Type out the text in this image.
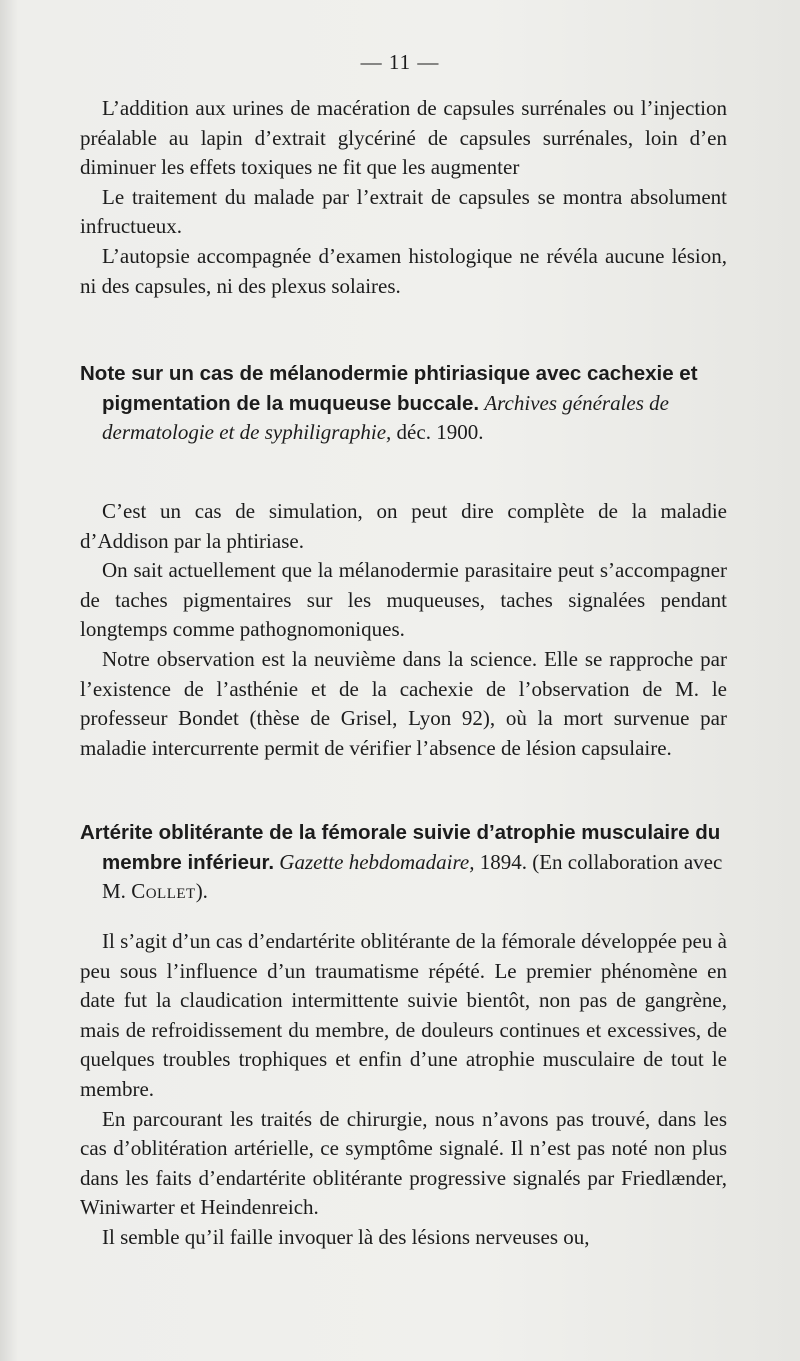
— 11 —

L’addition aux urines de macération de capsules surrénales ou l’injection préalable au lapin d’extrait glycériné de capsules surrénales, loin d’en diminuer les effets toxiques ne fit que les augmenter

Le traitement du malade par l’extrait de capsules se montra absolument infructueux.

L’autopsie accompagnée d’examen histologique ne révéla aucune lésion, ni des capsules, ni des plexus solaires.

Note sur un cas de mélanodermie phtiriasique avec cachexie et pigmentation de la muqueuse buccale. Archives générales de dermatologie et de syphiligraphie, déc. 1900.

C’est un cas de simulation, on peut dire complète de la maladie d’Addison par la phtiriase.

On sait actuellement que la mélanodermie parasitaire peut s’accompagner de taches pigmentaires sur les muqueuses, taches signalées pendant longtemps comme pathognomoniques.

Notre observation est la neuvième dans la science. Elle se rapproche par l’existence de l’asthénie et de la cachexie de l’observation de M. le professeur Bondet (thèse de Grisel, Lyon 92), où la mort survenue par maladie intercurrente permit de vérifier l’absence de lésion capsulaire.

Artérite oblitérante de la fémorale suivie d’atrophie musculaire du membre inférieur. Gazette hebdomadaire, 1894. (En collaboration avec M. Collet).

Il s’agit d’un cas d’endartérite oblitérante de la fémorale développée peu à peu sous l’influence d’un traumatisme répété. Le premier phénomène en date fut la claudication intermittente suivie bientôt, non pas de gangrène, mais de refroidissement du membre, de douleurs continues et excessives, de quelques troubles trophiques et enfin d’une atrophie musculaire de tout le membre.

En parcourant les traités de chirurgie, nous n’avons pas trouvé, dans les cas d’oblitération artérielle, ce symptôme signalé. Il n’est pas noté non plus dans les faits d’endartérite oblitérante progressive signalés par Friedlænder, Winiwarter et Heindenreich.

Il semble qu’il faille invoquer là des lésions nerveuses ou,
